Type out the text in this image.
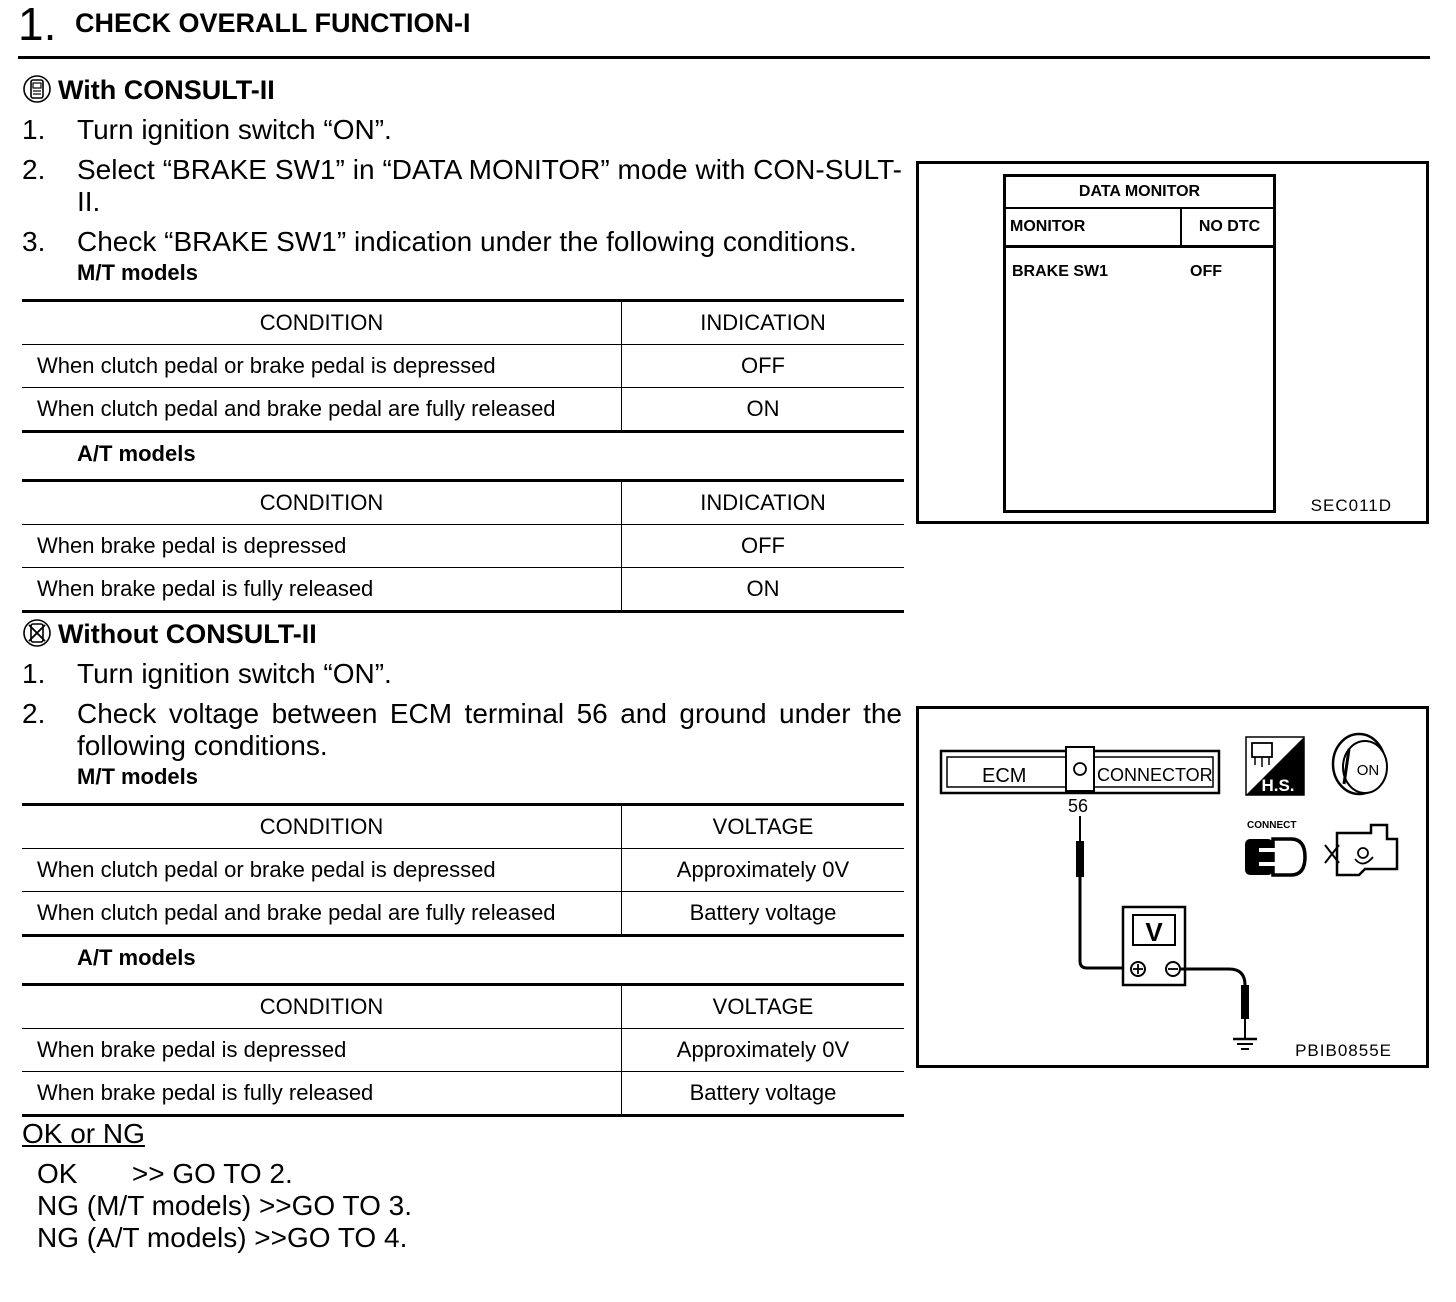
1. CHECK OVERALL FUNCTION-I
With CONSULT-II
1. Turn ignition switch “ON”.
2. Select “BRAKE SW1” in “DATA MONITOR” mode with CON-SULT-II.
3. Check “BRAKE SW1” indication under the following conditions.
M/T models
CONDITION	INDICATION
When clutch pedal or brake pedal is depressed	OFF
When clutch pedal and brake pedal are fully released	ON
A/T models
CONDITION	INDICATION
When brake pedal is depressed	OFF
When brake pedal is fully released	ON
Without CONSULT-II
1. Turn ignition switch “ON”.
2. Check voltage between ECM terminal 56 and ground under the following conditions.
M/T models
CONDITION	VOLTAGE
When clutch pedal or brake pedal is depressed	Approximately 0V
When clutch pedal and brake pedal are fully released	Battery voltage
A/T models
CONDITION	VOLTAGE
When brake pedal is depressed	Approximately 0V
When brake pedal is fully released	Battery voltage
OK or NG
OK       >> GO TO 2.
NG (M/T models) >>GO TO 3.
NG (A/T models) >>GO TO 4.
DATA MONITOR
MONITOR	NO DTC
BRAKE SW1	OFF
SEC011D
ECM	CONNECTOR
56
V
H.S.
ON
CONNECT
PBIB0855E
